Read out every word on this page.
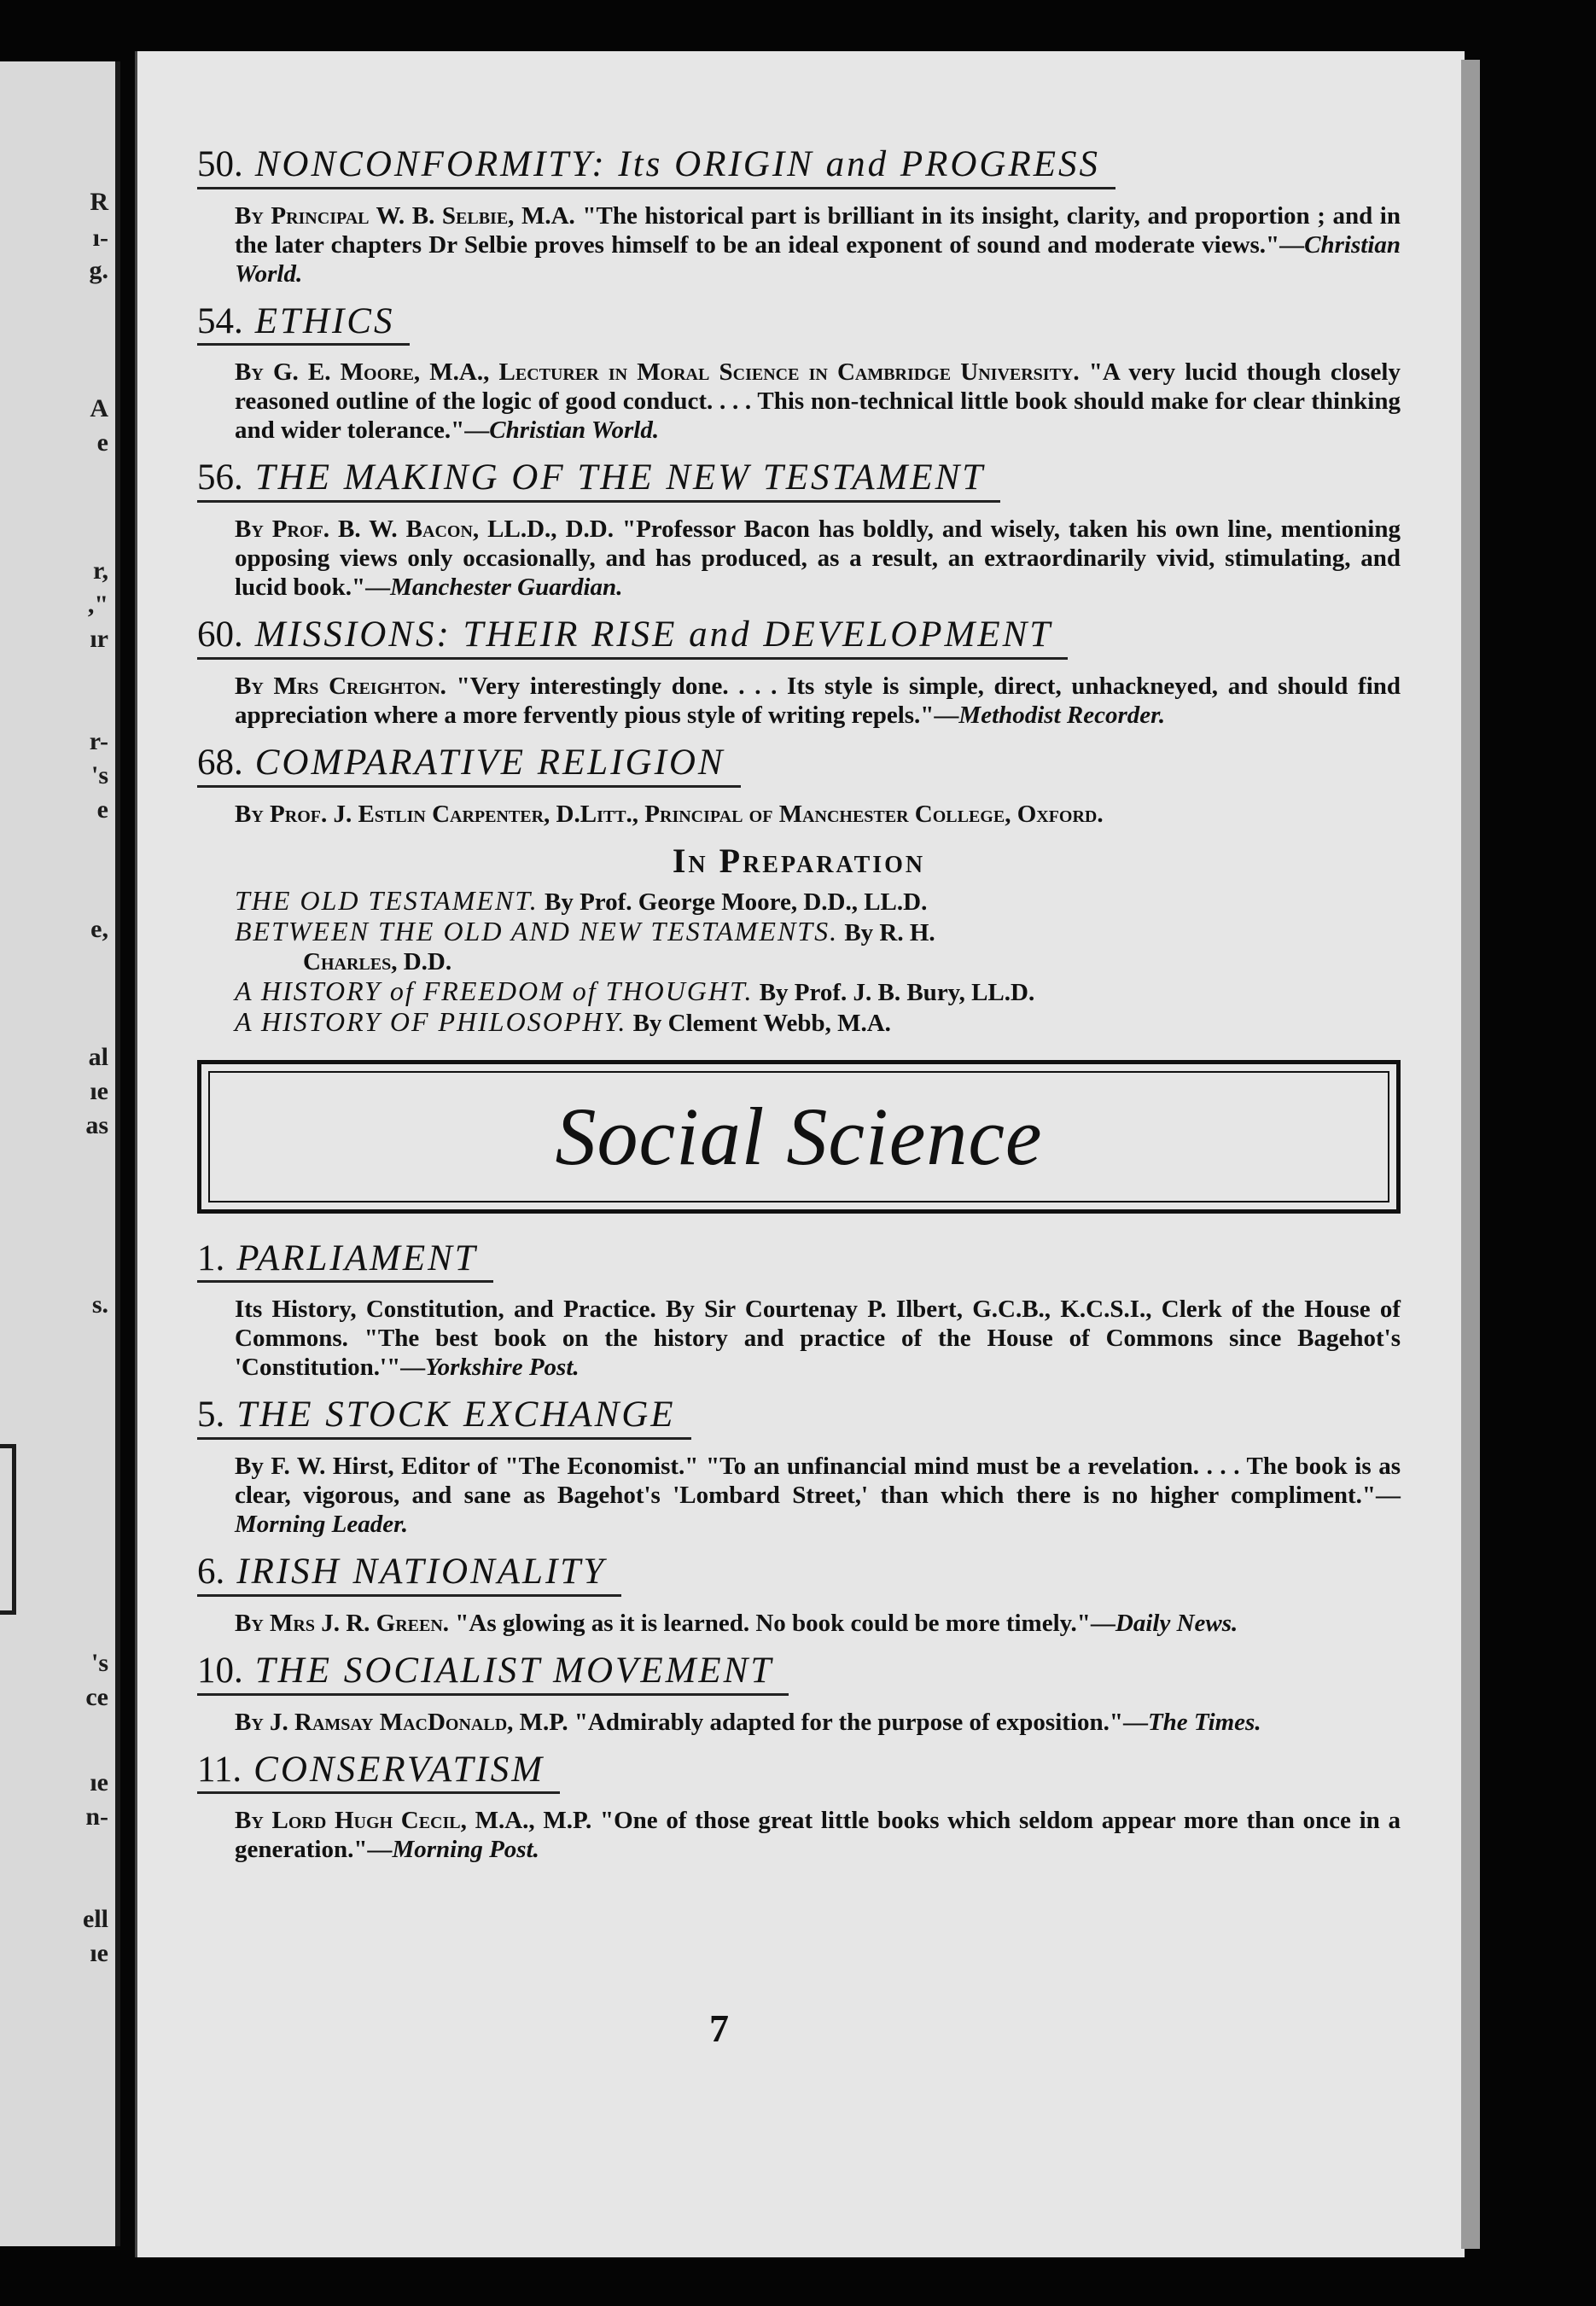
R
ı-
g.
A
e
r,
,"
ır
r-
's
e
e,
al
ıe
as
s.
's
ce
ıe
n-
ell
ıe
50. NONCONFORMITY: Its ORIGIN and PROGRESS
By Principal W. B. Selbie, M.A. "The historical part is brilliant in its insight, clarity, and proportion ; and in the later chapters Dr Selbie proves himself to be an ideal exponent of sound and moderate views."—Christian World.
54. ETHICS
By G. E. Moore, M.A., Lecturer in Moral Science in Cambridge University. "A very lucid though closely reasoned outline of the logic of good conduct. . . . This non-technical little book should make for clear thinking and wider tolerance."—Christian World.
56. THE MAKING OF THE NEW TESTAMENT
By Prof. B. W. Bacon, LL.D., D.D. "Professor Bacon has boldly, and wisely, taken his own line, mentioning opposing views only occasionally, and has produced, as a result, an extraordinarily vivid, stimulating, and lucid book."—Manchester Guardian.
60. MISSIONS: THEIR RISE and DEVELOPMENT
By Mrs Creighton. "Very interestingly done. . . . Its style is simple, direct, unhackneyed, and should find appreciation where a more fervently pious style of writing repels."—Methodist Recorder.
68. COMPARATIVE RELIGION
By Prof. J. Estlin Carpenter, D.Litt., Principal of Manchester College, Oxford.
In Preparation
THE OLD TESTAMENT. By Prof. George Moore, D.D., LL.D.
BETWEEN THE OLD AND NEW TESTAMENTS. By R. H.
Charles, D.D.
A HISTORY of FREEDOM of THOUGHT. By Prof. J. B. Bury, LL.D.
A HISTORY OF PHILOSOPHY. By Clement Webb, M.A.
Social Science
1. PARLIAMENT
Its History, Constitution, and Practice. By Sir Courtenay P. Ilbert, G.C.B., K.C.S.I., Clerk of the House of Commons. "The best book on the history and practice of the House of Commons since Bagehot's 'Constitution.'"—Yorkshire Post.
5. THE STOCK EXCHANGE
By F. W. Hirst, Editor of "The Economist." "To an unfinancial mind must be a revelation. . . . The book is as clear, vigorous, and sane as Bagehot's 'Lombard Street,' than which there is no higher compliment."—Morning Leader.
6. IRISH NATIONALITY
By Mrs J. R. Green. "As glowing as it is learned. No book could be more timely."—Daily News.
10. THE SOCIALIST MOVEMENT
By J. Ramsay MacDonald, M.P. "Admirably adapted for the purpose of exposition."—The Times.
11. CONSERVATISM
By Lord Hugh Cecil, M.A., M.P. "One of those great little books which seldom appear more than once in a generation."—Morning Post.
7
